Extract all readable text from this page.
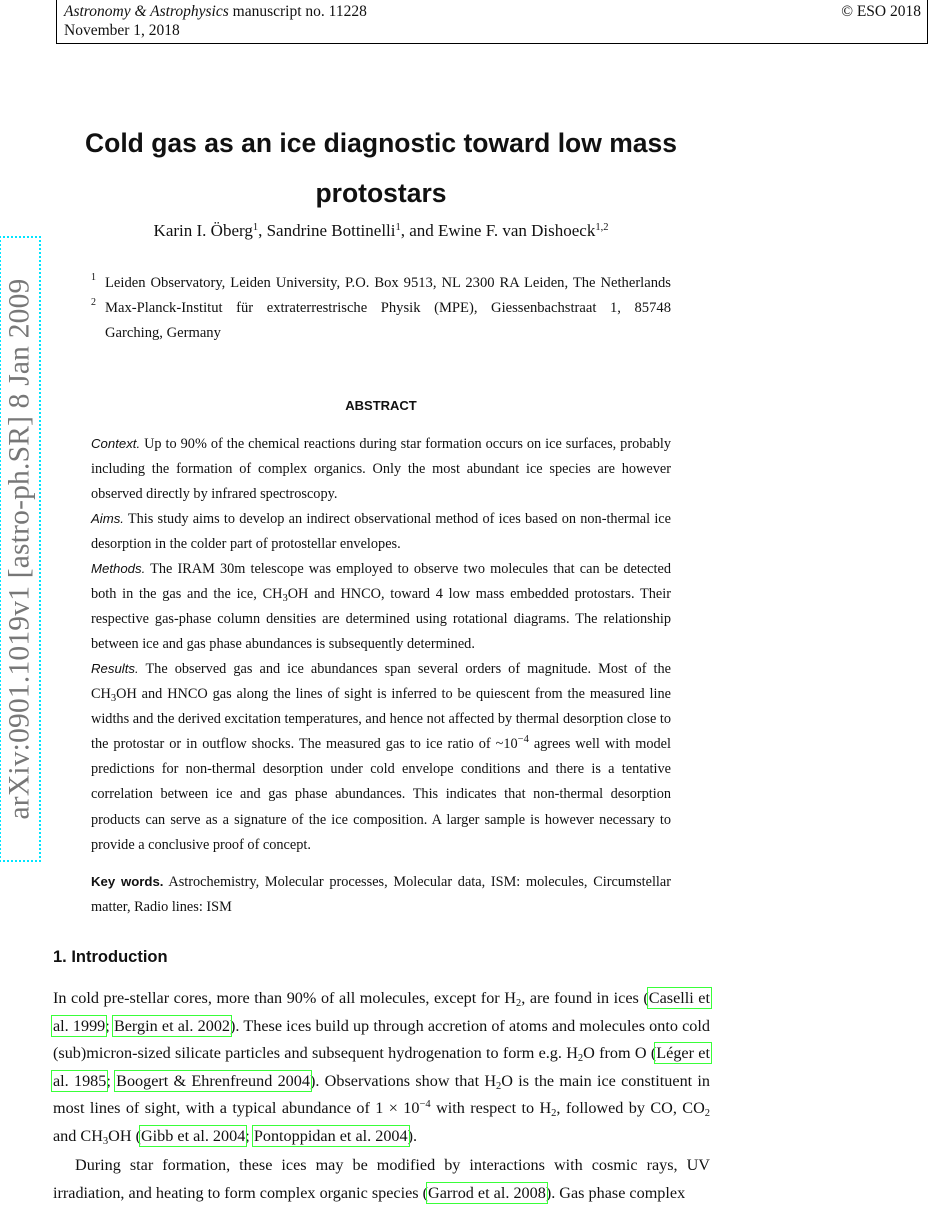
Astronomy & Astrophysics manuscript no. 11228
November 1, 2018
© ESO 2018
arXiv:0901.1019v1 [astro-ph.SR] 8 Jan 2009
Cold gas as an ice diagnostic toward low mass
protostars
Karin I. Öberg$^1$, Sandrine Bottinelli$^1$, and Ewine F. van Dishoeck$^{1,2}$
1 Leiden Observatory, Leiden University, P.O. Box 9513, NL 2300 RA Leiden, The Netherlands
2 Max-Planck-Institut für extraterrestrische Physik (MPE), Giessenbachstraat 1, 85748
Garching, Germany
ABSTRACT

Context. Up to 90% of the chemical reactions during star formation occurs on ice surfaces, probably including the formation of complex organics. Only the most abundant ice species are however observed directly by infrared spectroscopy.

Aims. This study aims to develop an indirect observational method of ices based on non-thermal ice desorption in the colder part of protostellar envelopes.

Methods. The IRAM 30m telescope was employed to observe two molecules that can be detected both in the gas and the ice, $CH_3OH$ and HNCO, toward 4 low mass embedded protostars. Their respective gas-phase column densities are determined using rotational diagrams. The relationship between ice and gas phase abundances is subsequently determined.

Results. The observed gas and ice abundances span several orders of magnitude. Most of the $CH_3OH$ and HNCO gas along the lines of sight is inferred to be quiescent from the measured line widths and the derived excitation temperatures, and hence not affected by thermal desorption close to the protostar or in outflow shocks. The measured gas to ice ratio of $\sim 10^{-4}$ agrees well with model predictions for non-thermal desorption under cold envelope conditions and there is a tentative correlation between ice and gas phase abundances. This indicates that non-thermal desorption products can serve as a signature of the ice composition. A larger sample is however necessary to provide a conclusive proof of concept.

Key words. Astrochemistry, Molecular processes, Molecular data, ISM: molecules, Circumstellar matter, Radio lines: ISM

1. Introduction

In cold pre-stellar cores, more than 90% of all molecules, except for $H_2$, are found in ices (Caselli et al. 1999; Bergin et al. 2002). These ices build up through accretion of atoms and molecules onto cold (sub)micron-sized silicate particles and subsequent hydrogenation to form e.g. $H_2O$ from O (Léger et al. 1985; Boogert & Ehrenfreund 2004). Observations show that $H_2O$ is the main ice constituent in most lines of sight, with a typical abundance of $1 \times 10^{-4}$ with respect to $H_2$, followed by CO, $CO_2$ and $CH_3OH$ (Gibb et al. 2004; Pontoppidan et al. 2004).

During star formation, these ices may be modified by interactions with cosmic rays, UV irradiation, and heating to form complex organic species (Garrod et al. 2008). Gas phase complex
